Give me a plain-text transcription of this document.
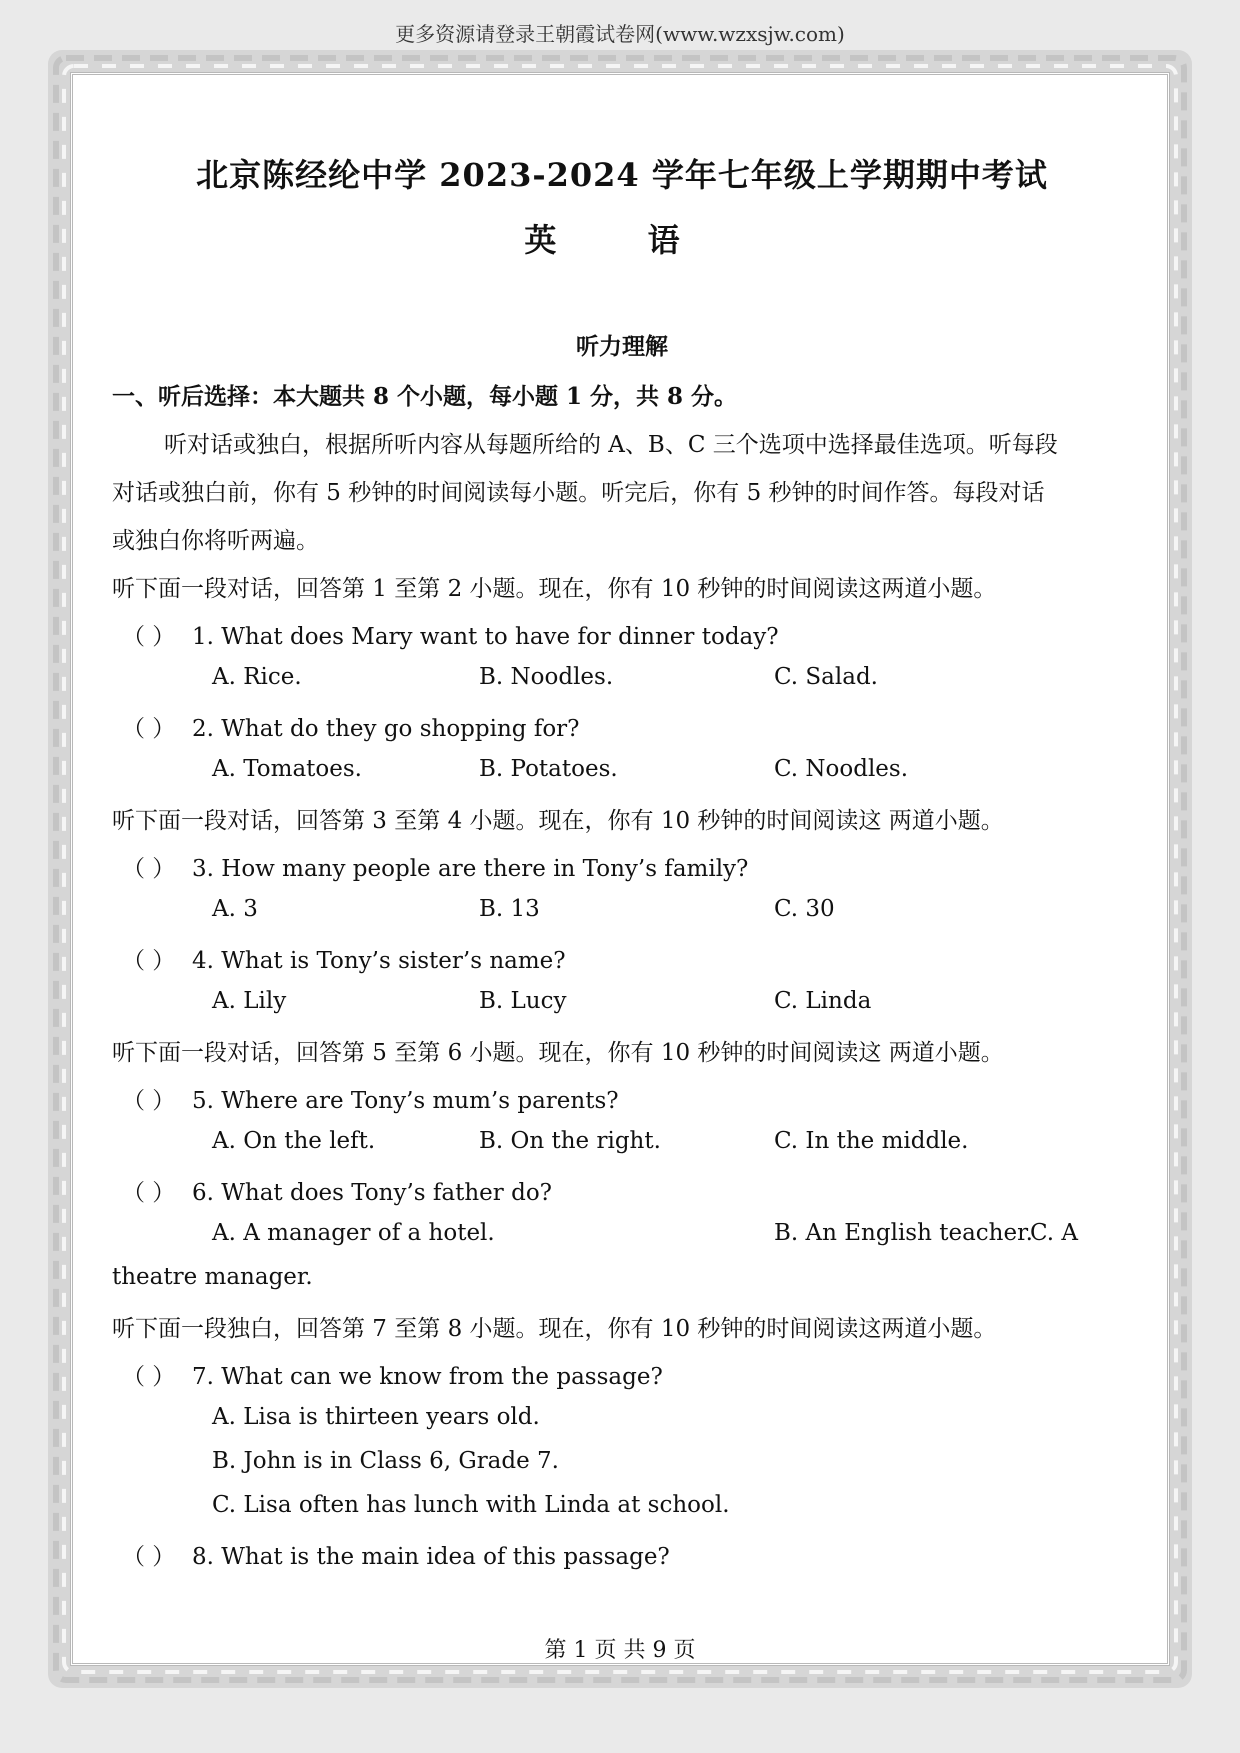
更多资源请登录王朝霞试卷网(www.wzxsjw.com)
北京陈经纶中学 2023-2024 学年七年级上学期期中考试
英 语
听力理解
一、听后选择：本大题共 8 个小题，每小题 1 分，共 8 分。
听对话或独白，根据所听内容从每题所给的 A、B、C 三个选项中选择最佳选项。听每段
对话或独白前，你有 5 秒钟的时间阅读每小题。听完后，你有 5 秒钟的时间作答。每段对话
或独白你将听两遍。
听下面一段对话，回答第 1 至第 2 小题。现在，你有 10 秒钟的时间阅读这两道小题。
（ ） 1. What does Mary want to have for dinner today?
A. Rice.	B. Noodles.	C. Salad.
（ ） 2. What do they go shopping for?
A. Tomatoes.	B. Potatoes.	C. Noodles.
听下面一段对话，回答第 3 至第 4 小题。现在，你有 10 秒钟的时间阅读这 两道小题。
（ ） 3. How many people are there in Tony’s family?
A. 3	B. 13	C. 30
（ ） 4. What is Tony’s sister’s name?
A. Lily	B. Lucy	C. Linda
听下面一段对话，回答第 5 至第 6 小题。现在，你有 10 秒钟的时间阅读这 两道小题。
（ ） 5. Where are Tony’s mum’s parents?
A. On the left.	B. On the right.	C. In the middle.
（ ） 6. What does Tony’s father do?
A. A manager of a hotel.	B. An English teacher.
C. A
theatre manager.
听下面一段独白，回答第 7 至第 8 小题。现在，你有 10 秒钟的时间阅读这两道小题。
（ ） 7. What can we know from the passage?
A. Lisa is thirteen years old.
B. John is in Class 6, Grade 7.
C. Lisa often has lunch with Linda at school.
（ ） 8. What is the main idea of this passage?
第 1 页 共 9 页
